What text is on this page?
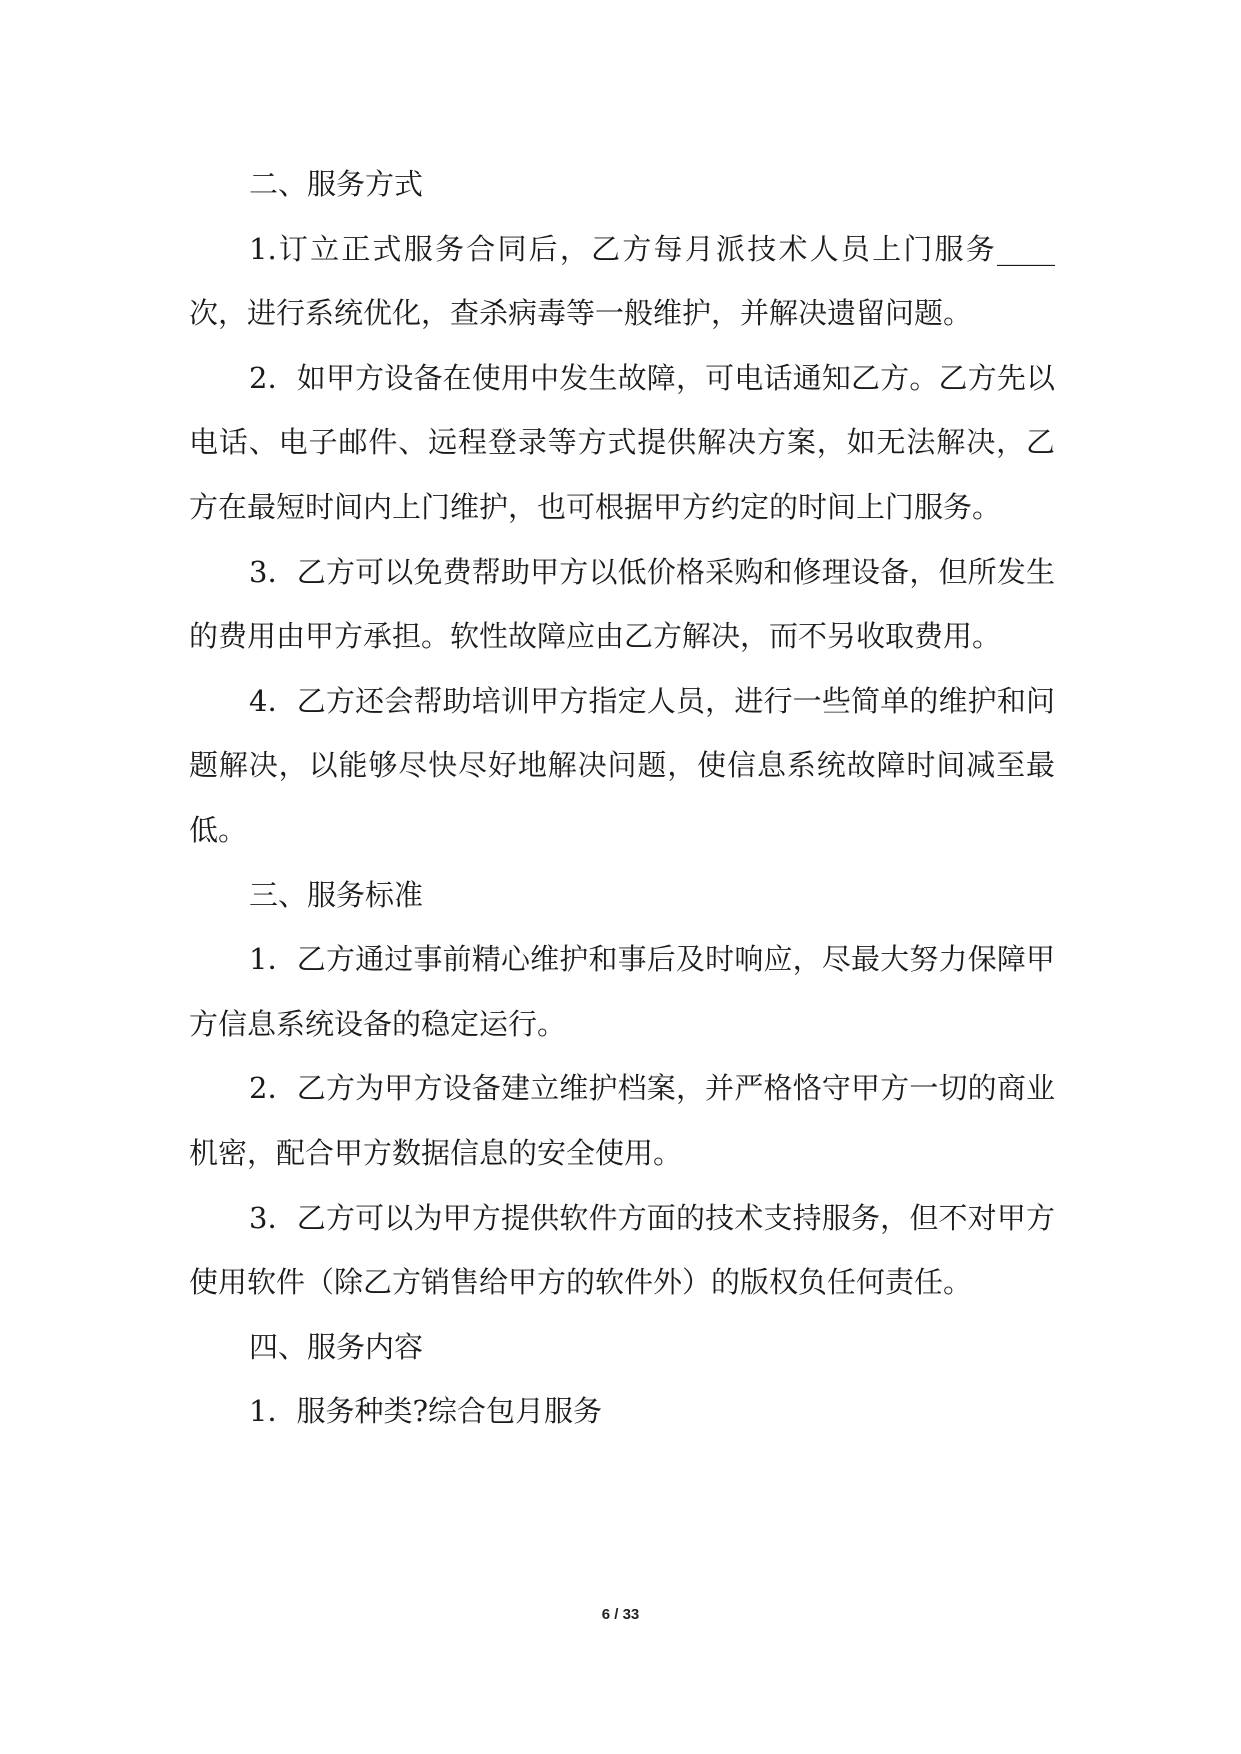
二、服务方式

1.订立正式服务合同后，乙方每月派技术人员上门服务____次，进行系统优化，查杀病毒等一般维护，并解决遗留问题。

2．如甲方设备在使用中发生故障，可电话通知乙方。乙方先以电话、电子邮件、远程登录等方式提供解决方案，如无法解决，乙方在最短时间内上门维护，也可根据甲方约定的时间上门服务。

3．乙方可以免费帮助甲方以低价格采购和修理设备，但所发生的费用由甲方承担。软性故障应由乙方解决，而不另收取费用。

4．乙方还会帮助培训甲方指定人员，进行一些简单的维护和问题解决，以能够尽快尽好地解决问题，使信息系统故障时间减至最低。

三、服务标准

1．乙方通过事前精心维护和事后及时响应，尽最大努力保障甲方信息系统设备的稳定运行。

2．乙方为甲方设备建立维护档案，并严格恪守甲方一切的商业机密，配合甲方数据信息的安全使用。

3．乙方可以为甲方提供软件方面的技术支持服务，但不对甲方使用软件（除乙方销售给甲方的软件外）的版权负任何责任。

四、服务内容

1．服务种类?综合包月服务

6 / 33
